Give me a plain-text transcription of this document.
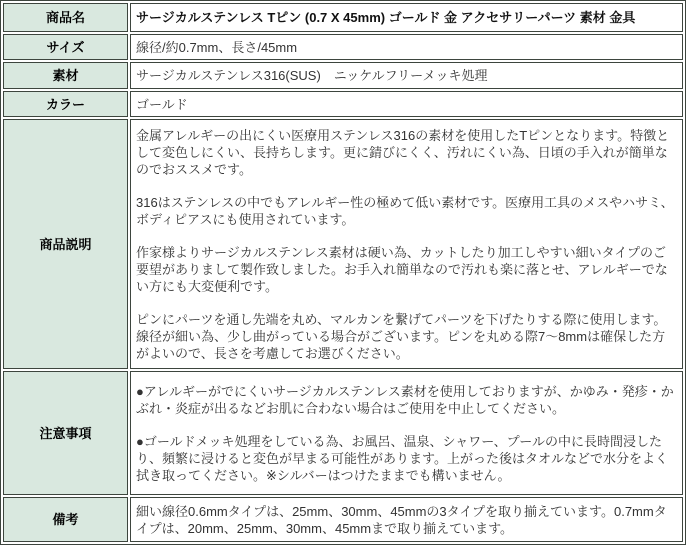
商品名	サージカルステンレス Tピン (0.7 X 45mm) ゴールド 金 アクセサリーパーツ 素材 金具
サイズ	線径/約0.7mm、長さ/45mm
素材	サージカルステンレス316(SUS)　ニッケルフリーメッキ処理
カラー	ゴールド
商品説明	金属アレルギーの出にくい医療用ステンレス316の素材を使用したTピンとなります。特徴として変色しにくい、長持ちします。更に錆びにくく、汚れにくい為、日頃の手入れが簡単なのでおススメです。

316はステンレスの中でもアレルギー性の極めて低い素材です。医療用工具のメスやハサミ、ボディピアスにも使用されています。

作家様よりサージカルステンレス素材は硬い為、カットしたり加工しやすい細いタイプのご要望がありまして製作致しました。お手入れ簡単なので汚れも楽に落とせ、アレルギーでない方にも大変便利です。

ピンにパーツを通し先端を丸め、マルカンを繋げてパーツを下げたりする際に使用します。線径が細い為、少し曲がっている場合がございます。ピンを丸める際7～8mmは確保した方がよいので、長さを考慮してお選びください。

注意事項	●アレルギーがでにくいサージカルステンレス素材を使用しておりますが、かゆみ・発疹・かぶれ・炎症が出るなどお肌に合わない場合はご使用を中止してください。

●ゴールドメッキ処理をしている為、お風呂、温泉、シャワー、プールの中に長時間浸したり、頻繁に浸けると変色が早まる可能性があります。上がった後はタオルなどで水分をよく拭き取ってください。※シルバーはつけたままでも構いません。

備考	細い線径0.6mmタイプは、25mm、30mm、45mmの3タイプを取り揃えています。0.7mmタイプは、20mm、25mm、30mm、45mmまで取り揃えています。
